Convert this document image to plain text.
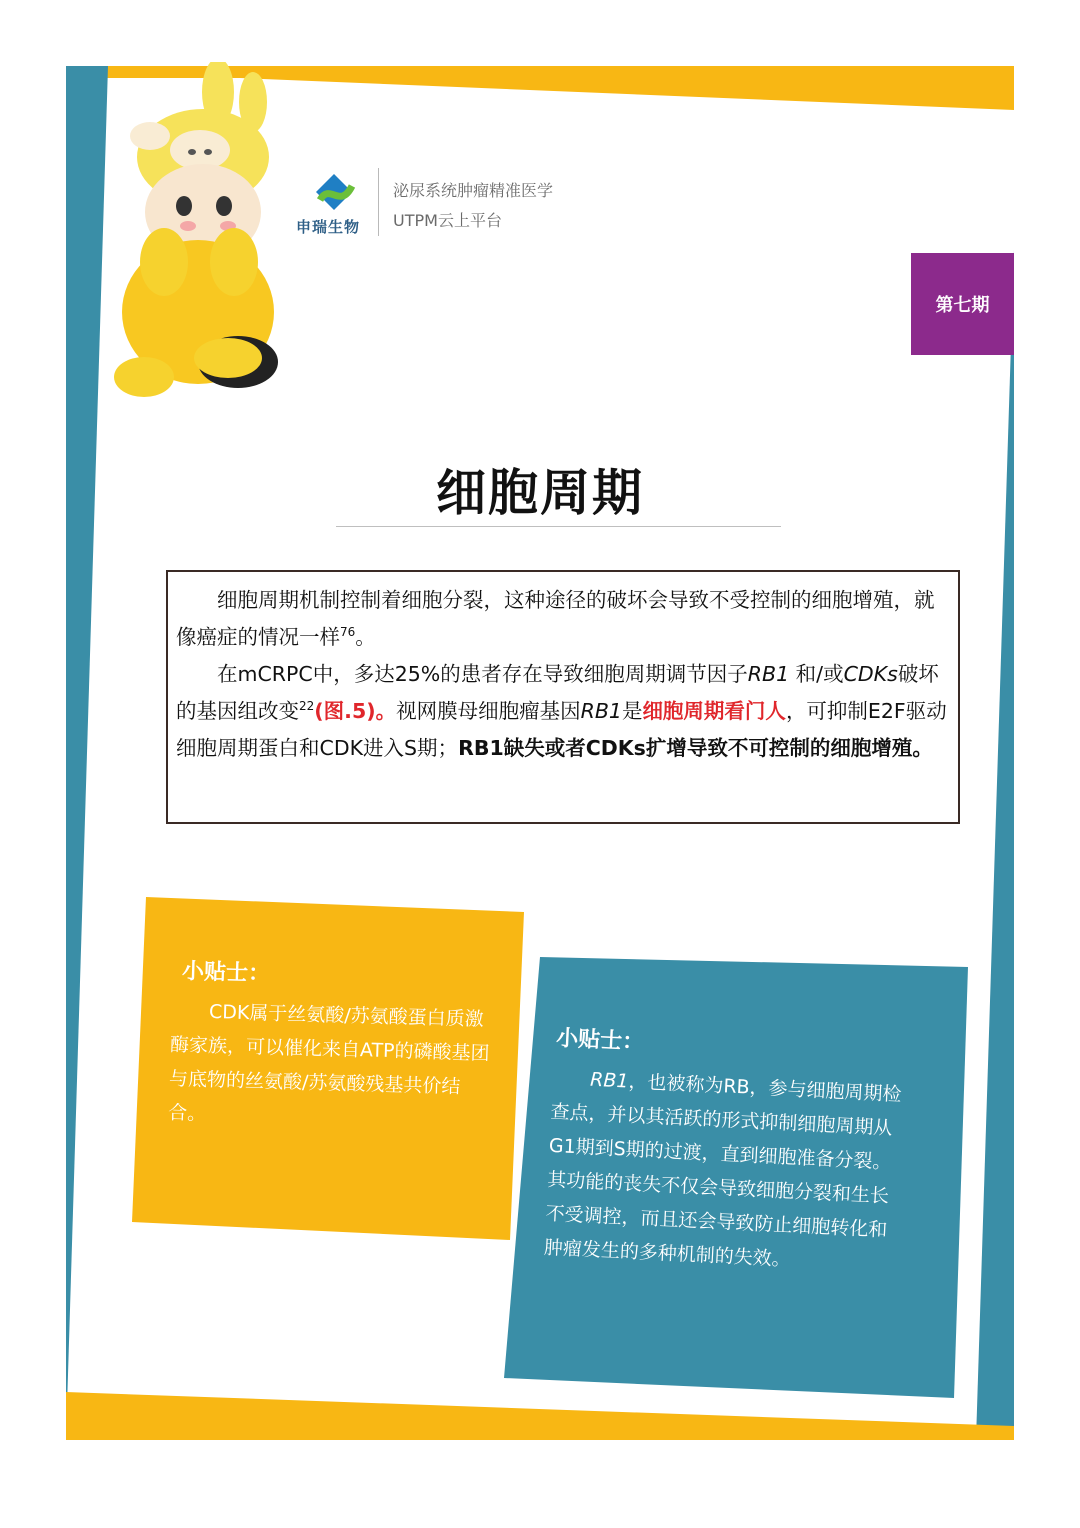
申瑞生物
泌尿系统肿瘤精准医学
UTPM云上平台
第七期
细胞周期

细胞周期机制控制着细胞分裂，这种途径的破坏会导致不受控制的细胞增殖，就像癌症的情况一样$^{76}$。

在mCRPC中，多达25%的患者存在导致细胞周期调节因子RB1 和/或CDKs破坏的基因组改变$^{22}$(图.5)。视网膜母细胞瘤基因RB1是细胞周期看门人，可抑制E2F驱动细胞周期蛋白和CDK进入S期；RB1缺失或者CDKs扩增导致不可控制的细胞增殖。

小贴士：

CDK属于丝氨酸/苏氨酸蛋白质激酶家族，可以催化来自ATP的磷酸基团与底物的丝氨酸/苏氨酸残基共价结合。

小贴士：

RB1，也被称为RB，参与细胞周期检查点，并以其活跃的形式抑制细胞周期从G1期到S期的过渡，直到细胞准备分裂。其功能的丧失不仅会导致细胞分裂和生长不受调控，而且还会导致防止细胞转化和肿瘤发生的多种机制的失效。
